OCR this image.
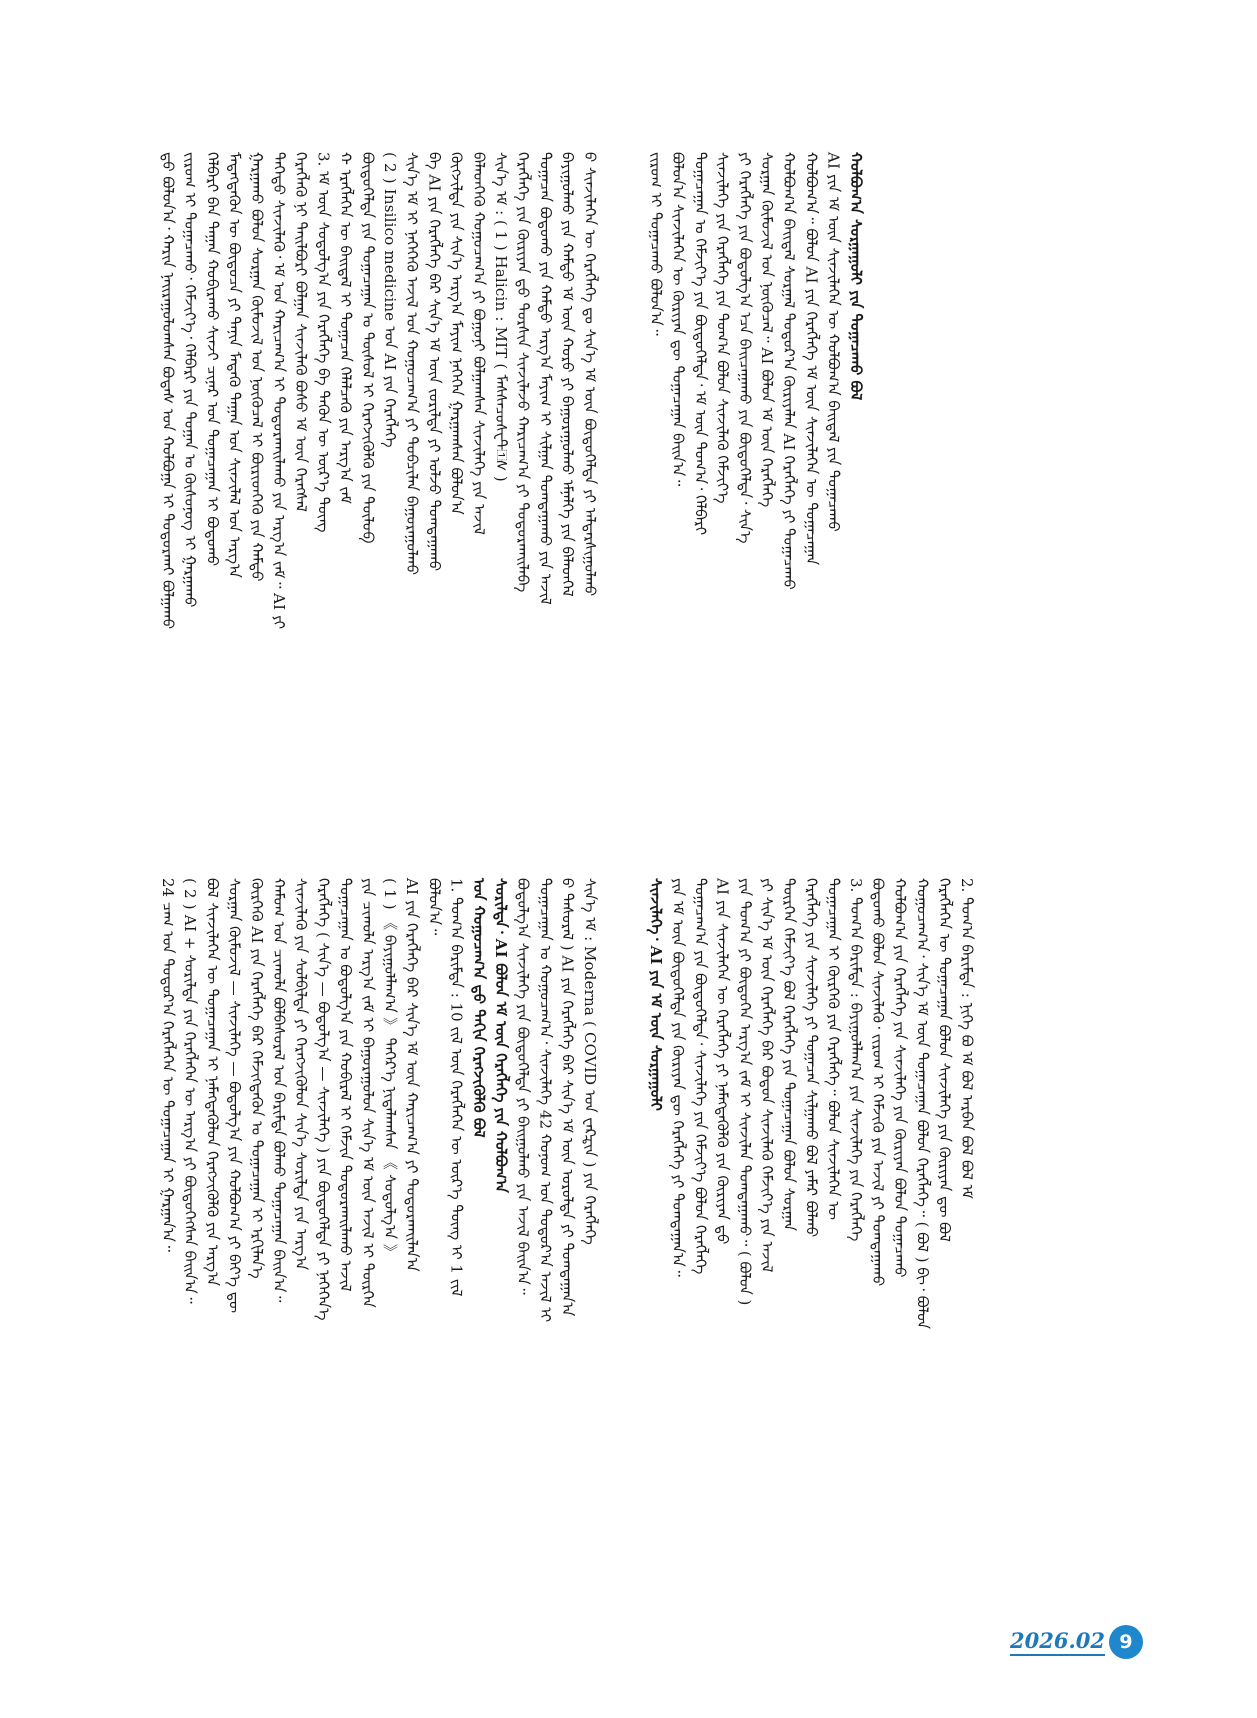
ᠳ᠋ᠤ ᠪᠣᠯᠤᠨ᠎ᠠ᠂ ᠬᠠᠷᠢᠨ ᠨᠠᠢ᠌ᠷᠠᠭᠤᠯᠤᠭᠰᠠᠨ ᠪᠣᠳᠠᠰ ᠤᠨ ᠬᠣᠯᠪᠣᠭᠠ ᠢ ᠲᠣᠳᠤᠷᠬᠠᠢ ᠪᠣᠯᠭᠠᠬᠤ ᠵᠢᠷᠤᠭ ᠢ ᠲᠣᠭᠠᠴᠠᠬᠤ᠂ ᠬᠡᠮᠵᠢᠶ᠎ᠡ᠂ ᠬᠡᠯᠪᠡᠷᠢ ᠶᠢᠨ ᠲᠣᠭᠠᠨ ᠤ ᠬᠦᠰᠦᠨᠦᠭ ᠢ ᠭᠠᠷᠭᠠᠬᠤ ᠬᠡᠯᠪᠡᠷᠢ ᠪᠡᠨ ᠳᠠᠭᠠᠨ ᠬᠤᠪᠢᠷᠠᠬᠤ ᠰᠢᠨᠵᠢ ᠴᠢᠨᠠᠷ ᠤᠨ ᠲᠤᠭᠠᠴᠠᠭᠠᠨ ᠢ ᠪᠣᠳᠣᠬᠤ ᠮᠡᠳᠡᠭᠳᠡᠬᠦᠨ ᠦ ᠪᠦᠲᠦᠴᠡ ᠶᠢ ᠲᠠᠨᠢᠨ ᠮᠡᠳᠡᠬᠦ ᠳᠠᠭᠠᠨ ᠤᠨ ᠰᠢᠨᠵᠢᠯᠡᠯ ᠤᠨ ᠠᠷᠭ᠎ᠠ ᠭᠠᠷᠭᠠᠬᠤ ᠪᠣᠯᠤᠨ ᠰᠤᠷᠭᠠᠨ ᠬᠦᠮᠦᠵᠢᠯ ᠤᠨ ᠨᠦᠬᠦᠴᠡᠯ ᠢ ᠪᠦᠷᠢᠳᠬᠡᠬᠦ ᠶᠢᠨ ᠬᠠᠮᠲᠤ ᠳᠡᠭᠡᠳᠦ ᠰᠢᠨᠵᠢᠯᠡᠬᠦ᠂ ᠡᠮ ᠤᠨ ᠬᠠᠷᠢᠴᠠᠭ᠎ᠠ ᠢ ᠲᠣᠳᠤᠷᠬᠠᠢᠯᠠᠬᠤ ᠶᠢᠨ ᠠᠷᠭ᠎ᠠ ᠵᠠᠮ᠃ AI ᠶᠢ ᠬᠡᠷᠡᠭᠯᠡᠬᠦ ᠨᠢ ᠲᠠᠢ᠌ᠯᠪᠤᠷᠢ ᠪᠤᠯᠭᠠᠨ ᠰᠢᠨᠵᠢᠯᠡᠬᠦ ᠪᠤᠰᠤ ᠡᠮ ᠦᠨ ᠬᠡᠷᠡᠭᠰᠡᠯ 3. ᠡᠮ ᠦᠨ ᠰᠤᠳᠤᠯᠭ᠎ᠠ ᠶᠢᠨ ᠬᠡᠷᠡᠭᠯᠡᠭᠡ ᠪᠠ ᠲᠡᠭᠦᠨ ᠦ ᠦᠷ᠎ᠡ ᠳᠦᠩ ᠬ ᠡᠷᠡᠭᠯᠡᠭᠡᠨ ᠦ ᠪᠠᠢ᠌ᠳᠠᠯ ᠢ ᠲᠣᠭᠠᠴᠠᠨ ᠬᠡᠯᠡᠯᠴᠡᠬᠦ ᠶᠢᠨ ᠠᠷᠭ᠎ᠠ ᠵᠠᠮ ᠪᠦᠲᠦᠭᠡᠯᠲᠡ ᠶᠢᠨ ᠲᠣᠭᠠᠴᠠᠭᠠᠨ ᠤ ᠲᠥᠰᠦᠯ ᠢ ᠬᠡᠷᠡᠭᠵᠢᠭᠦᠯᠬᠦ ᠶᠢᠨ ᠲᠥᠯᠦᠪ ( 2 ) Insilico medicine ᠤᠨ AI ᠶᠢᠨ ᠬᠡᠷᠡᠭᠯᠡᠭᠡ ᠰᠢᠨ᠎ᠡ ᠡᠮ ᠢ ᠨᠡᠭᠡᠭᠡᠬᠦ ᠠᠵᠢᠯ ᠤᠨ ᠬᠤᠭᠤᠴᠠᠭ᠎ᠠ ᠶᠢ ᠲᠣᠪᠴᠢᠯᠠᠨ ᠪᠠᠭᠤᠷᠠᠭᠤᠯᠬᠤ ᠪᠠ AI ᠶᠢᠨ ᠬᠡᠷᠡᠭᠯᠡᠭᠡ ᠪᠡᠷ ᠰᠢᠨ᠎ᠡ ᠡᠮ ᠦᠨ ᠵᠣᠷᠢᠯᠲᠠ ᠶᠢ ᠣᠯᠵᠤ ᠲᠣᠭᠲᠠᠭᠠᠬᠤ ᠬᠥᠭᠵᠢᠯᠲᠡ ᠶᠢᠨ ᠰᠢᠨ᠎ᠡ ᠠᠷᠭ᠎ᠠ ᠮᠠᠶᠢᠭ ᠨᠡᠭᠡᠭᠡᠨ ᠭᠠᠷᠭᠠᠭᠰᠠᠨ ᠪᠤᠯᠤᠨ᠎ᠠ ᠪᠡᠯᠡᠳᠬᠡᠬᠦ ᠬᠤᠭᠤᠴᠠᠭ᠎ᠠ ᠶᠢ ᠪᠣᠭᠣᠨᠢ ᠪᠣᠯᠭᠠᠭᠰᠠᠨ ᠰᠢᠨᠵᠢᠯᠡᠭᠡ ᠶᠢᠨ ᠠᠵᠢᠯ ᠰᠢᠨ᠎ᠡ ᠡᠮ : ( 1 ) Halicin : MIT ( ᠮᠠᠰᠰᠠᠴᠦᠰᠧᠲ᠋᠋ᠰ ) ᠬᠡᠷᠡᠭᠯᠡᠭᠡ ᠶᠢᠨ ᠬᠦᠷᠢᠶᠡᠨ ᠳ᠋ᠤ ᠲᠤᠷᠰᠢᠨ ᠰᠢᠨᠵᠢᠯᠡᠵᠦ ᠬᠠᠷᠢᠴᠠᠭ᠎ᠠ ᠶᠢ ᠲᠣᠳᠤᠷᠬᠠᠢᠯᠠᠪᠠ ᠲᠣᠭᠠᠴᠠᠨ ᠪᠣᠳᠣᠬᠤ ᠶᠢᠨ ᠬᠠᠮᠲᠤ ᠠᠷᠭ᠎ᠠ ᠮᠠᠶᠢᠭ ᠢ ᠰᠢᠯᠭᠠᠨ ᠲᠣᠭᠲᠠᠭᠠᠬᠤ ᠶᠢᠨ ᠠᠵᠢᠯ ᠪᠠᠶᠢᠭᠤᠯᠬᠤ ᠶᠢᠨ ᠬᠠᠮᠲᠤ ᠡᠮ ᠦᠨ ᠬᠣᠷᠣ ᠶᠢ ᠪᠠᠭᠤᠷᠠᠭᠤᠯᠬᠤ ᠡᠮᠨᠡᠯᠭᠡ ᠶᠢᠨ ᠪᠡᠯᠡᠳᠬᠡᠯ ᠪ ᠰᠢᠨᠵᠢᠯᠡᠭᠡᠨ ᠦ ᠬᠡᠷᠡᠭᠯᠡᠭᠡ ᠳᠤ ᠰᠢᠨ᠎ᠡ ᠡᠮ ᠦᠨ ᠪᠦᠲᠦᠭᠡᠯᠲᠡ ᠶᠢ ᠠᠯᠳᠠᠷᠰᠢᠭᠤᠯᠬᠤ
24 ᠴᠠᠭ ᠤᠨ ᠳᠣᠲᠣᠷ᠎ᠠ ᠬᠡᠷᠡᠭᠯᠡᠭᠡᠨ ᠦ ᠲᠣᠭᠠᠴᠠᠭᠠᠨ ᠢ ᠭᠠᠷᠭᠠᠨ᠎ᠠ᠃ ( 2 ) AI + ᠰᠣᠷᠢᠯᠲᠠ ᠶᠢᠨ ᠬᠡᠷᠡᠭᠯᠡᠭᠡᠨ ᠦ ᠠᠷᠭ᠎ᠠ ᠶᠢ ᠪᠦᠲᠦᠭᠡᠭᠰᠡᠨ ᠪᠠᠢ᠌ᠨ᠎ᠠ᠃ ᠪᠣᠯ ᠰᠢᠨᠵᠢᠯᠡᠭᠡᠨ ᠦ ᠲᠣᠭᠠᠴᠠᠭᠠᠨ ᠢ ᠨᠡᠮᠡᠭᠳᠡᠭᠦᠯᠦᠨ ᠬᠡᠷᠡᠭᠵᠢᠭᠦᠯᠬᠦ ᠶᠢᠨ ᠠᠷᠭ᠎ᠠ ᠰᠤᠷᠭᠠᠨ ᠬᠦᠮᠦᠵᠢᠯ — ᠰᠢᠨᠵᠢᠯᠡᠭᠡ — ᠪᠣᠳᠣᠯᠭ᠎ᠠ ᠶᠢᠨ ᠬᠣᠯᠪᠣᠭ᠎ᠠ ᠶᠢ ᠪᠡᠶ᠎ᠡ ᠳᠦ ᠬᠦᠷᠭᠡᠬᠦ AI ᠶᠢᠨ ᠬᠡᠷᠡᠭᠯᠡᠭᠡ ᠪᠡᠷ ᠬᠡᠮᠵᠢᠭᠳᠡᠬᠦᠨ ᠤ ᠲᠣᠭᠠᠴᠠᠭᠠᠨ ᠢ ᠡᠷᠬᠢᠯᠡᠨ᠎ᠡ ᠬᠠᠮᠤᠭ ᠤᠨ ᠴᠢᠬᠤᠯᠠ ᠪᠣᠯᠪᠠᠰᠤᠷᠠᠯ ᠤᠨ ᠪᠠᠷᠢᠮᠲᠠ ᠪᠣᠯᠬᠤ ᠲᠣᠭᠠᠴᠠᠭᠠᠨ ᠪᠠᠢ᠌ᠨ᠎ᠠ᠃ ᠰᠢᠨᠵᠢᠯᠡᠬᠦ ᠶᠢᠨ ᠰᠣᠯᠪᠢᠯᠲᠠ ᠶᠢ ᠬᠡᠷᠡᠭᠵᠢᠭᠦᠯᠦᠨ ᠰᠢᠨ᠎ᠡ ᠰᠣᠷᠢᠯᠲᠠ ᠶᠢᠨ ᠠᠷᠭ᠎ᠠ ᠬᠡᠷᠡᠭᠯᠡᠭᠡ ( ᠰᠢᠨ᠎ᠡ — ᠪᠣᠳᠣᠯᠭ᠎ᠠ — ᠰᠢᠨᠵᠢᠯᠡᠭᠡ ) ᠶᠢᠨ ᠪᠦᠲᠦᠭᠡᠯᠲᠡ ᠶᠢ ᠨᠡᠭᠡᠭᠡᠨ᠎ᠡ ᠲᠣᠭᠠᠴᠠᠭᠠᠨ ᠤ ᠪᠣᠳᠣᠯᠭ᠎ᠠ ᠶᠢᠨ ᠬᠤᠪᠢᠷᠠᠯ ᠢ ᠬᠡᠮᠵᠢᠨ ᠲᠣᠳᠤᠷᠬᠠᠢᠯᠠᠬᠤ ᠠᠵᠢᠯ ᠶᠢᠨ ᠴᠢᠬᠤᠯᠠ ᠠᠷᠭ᠎ᠠ ᠵᠠᠮ ᠢ ᠪᠠᠭᠤᠷᠠᠭᠤᠯᠤᠨ ᠰᠢᠨ᠎ᠡ ᠡᠮ ᠦᠨ ᠠᠵᠢᠯ ᠢ ᠲᠦᠷᠭᠡᠨ ( 1 ) 《 ᠪᠠᠶᠢᠭᠤᠯᠯᠠᠭ᠎ᠠ 》 ᠳᠡᠭᠡᠷ᠎ᠡ ᠨᠢᠲᠠᠯᠠᠭᠰᠠᠨ 《 ᠰᠤᠳᠤᠯᠭ᠎ᠠ 》 AI ᠶᠢᠨ ᠬᠡᠷᠡᠭᠯᠡᠭᠡ ᠪᠡᠷ ᠰᠢᠨ᠎ᠡ ᠡᠮ ᠦᠨ ᠬᠠᠷᠢᠴᠠᠭ᠎ᠠ ᠶᠢ ᠲᠣᠳᠤᠷᠬᠠᠢᠯᠠᠨ᠎ᠠ ᠪᠣᠯᠤᠨ᠎ᠠ᠃ 1. ᠲᠣᠭ᠎ᠠ ᠪᠠᠷᠢᠮᠲᠠ : 10 ᠵᠢᠯ ᠦᠨ ᠬᠡᠷᠡᠭᠯᠡᠭᠡᠨ ᠦ ᠦᠷ᠎ᠡ ᠳᠦᠩ ᠢ 1 ᠵᠢᠯ ᠤᠨ ᠬᠤᠭᠤᠴᠠᠭ᠎ᠠ ᠳ᠋ᠤ ᠳᠠᠬᠢᠨ ᠬᠡᠷᠡᠭᠵᠢᠭᠦᠯᠬᠦ ᠪᠣᠯ ᠰᠣᠷᠢᠯᠲᠠ᠂ AI ᠪᠣᠯᠤᠨ ᠡᠮ ᠦᠨ ᠬᠡᠷᠡᠭᠯᠡᠭᠡ ᠶᠢᠨ ᠬᠣᠯᠪᠣᠭ᠎ᠠ ᠪᠣᠳᠣᠯᠭ᠎ᠠ ᠰᠢᠨᠵᠢᠯᠡᠭᠡ ᠶᠢᠨ ᠪᠦᠲᠦᠭᠡᠯᠲᠡ ᠶᠢ ᠪᠠᠢ᠌ᠭᠤᠯᠬᠤ ᠶᠢᠨ ᠠᠵᠢᠯ ᠪᠠᠢ᠌ᠨ᠎ᠠ᠃ ᠲᠣᠭᠠᠴᠠᠭᠠᠨ ᠤ ᠬᠤᠭᠤᠴᠠᠭ᠎ᠠ᠂ ᠰᠢᠨᠵᠢᠯᠡᠭᠡ 42 ᠬᠣᠨᠤᠭ ᠤᠨ ᠳᠣᠲᠣᠷ᠎ᠠ ᠠᠵᠢᠯ ᠢ ᠪ ᠲᠠᠰᠤᠷᠠᠯ ) AI ᠶᠢᠨ ᠬᠡᠷᠡᠭᠯᠡᠭᠡ ᠪᠡᠷ ᠰᠢᠨ᠎ᠡ ᠡᠮ ᠦᠨ ᠣᠷᠤᠯᠲᠠ ᠶᠢ ᠲᠣᠭᠲᠠᠭᠠᠨ᠎ᠠ ᠰᠢᠨ᠎ᠡ ᠡᠮ : Moderna ( COVID ᠤᠨ ᠸᠠᠺᠼᠢᠨ ) ᠶᠢᠨ ᠬᠡᠷᠡᠭᠯᠡᠭᠡ
ᠵᠢᠷᠤᠭ ᠢ ᠲᠣᠭᠠᠴᠠᠬᠤ ᠪᠣᠯᠤᠨ᠎ᠠ᠃ ᠪᠣᠯᠤᠨ᠎ᠠ ᠰᠢᠨᠵᠢᠯᠡᠭᠡᠨ ᠦ ᠬᠦᠷᠢᠶᠡᠨ ᠳᠦ ᠲᠣᠭᠠᠴᠠᠭᠠᠨ ᠪᠠᠢ᠌ᠨ᠎ᠠ᠃ ᠲᠣᠭᠠᠴᠠᠭᠠᠨ ᠤ ᠬᠡᠮᠵᠢᠶ᠎ᠡ ᠶᠢᠨ ᠪᠦᠲᠦᠭᠡᠯᠲᠡ᠂ ᠡᠮ ᠦᠨ ᠲᠣᠭ᠎ᠠ᠂ ᠬᠡᠯᠪᠡᠷᠢ ᠰᠢᠨᠵᠢᠯᠡᠭᠡ ᠶᠢᠨ ᠬᠡᠷᠡᠭᠯᠡᠭᠡ ᠶᠢᠨ ᠲᠣᠭ᠎ᠠ ᠪᠣᠯᠤᠨ ᠰᠢᠨᠵᠢᠯᠡᠬᠦ ᠬᠡᠮᠵᠢᠶ᠎ᠡ ᠶᠢ ᠬᠡᠷᠡᠭᠯᠡᠭᠡ ᠶᠢᠨ ᠪᠣᠳᠣᠯᠭ᠎ᠠ ᠡᠴᠡ ᠪᠠᠢ᠌ᠴᠠᠭᠠᠬᠤ ᠶᠢᠨ ᠪᠦᠲᠦᠭᠡᠯᠲᠡ᠂ ᠰᠢᠨ᠎ᠡ ᠰᠤᠷᠭᠠᠨ ᠬᠦᠮᠦᠵᠢᠯ ᠤᠨ ᠨᠦᠬᠦᠴᠡᠯ᠃ AI ᠪᠣᠯᠤᠨ ᠡᠮ ᠦᠨ ᠬᠡᠷᠡᠭᠯᠡᠭᠡ ᠬᠣᠯᠪᠣᠭ᠎ᠠ ᠪᠠᠢ᠌ᠳᠠᠯ ᠰᠤᠷᠭᠠᠯ ᠳᠣᠲᠣᠷ᠎ᠠ ᠬᠦᠷᠢᠶᠡᠯᠡᠨ AI ᠬᠡᠷᠡᠭᠯᠡᠭᠡ ᠶᠢ ᠲᠣᠭᠠᠴᠠᠬᠤ ᠬᠣᠯᠪᠣᠭ᠎ᠠ᠃ ᠪᠣᠯᠤᠨ AI ᠶᠢᠨ ᠬᠡᠷᠡᠭᠯᠡᠭᠡ ᠡᠮ ᠦᠨ ᠰᠢᠨᠵᠢᠯᠡᠭᠡᠨ ᠦ ᠲᠣᠭᠠᠴᠠᠭᠠᠨ AI ᠶᠢᠨ ᠡᠮ ᠦᠨ ᠰᠢᠨᠵᠢᠯᠡᠭᠡᠨ ᠦ ᠬᠣᠯᠪᠣᠭ᠎ᠠ ᠪᠠᠢ᠌ᠳᠠᠯ ᠶᠢᠨ ᠲᠣᠭᠠᠴᠠᠬᠤ ᠬᠣᠯᠪᠣᠭ᠎ᠠ ᠰᠤᠷᠭᠠᠭᠤᠯᠢ ᠶᠢᠨ ᠲᠣᠭᠠᠴᠠᠬᠤ ᠪᠣᠯ
ᠰᠢᠨᠵᠢᠯᠡᠭᠡ᠂ AI ᠶᠢᠨ ᠡᠮ ᠦᠨ ᠰᠤᠷᠭᠠᠭᠤᠯᠢ ᠶᠢᠨ ᠡᠮ ᠦᠨ ᠪᠦᠲᠦᠭᠡᠯᠲᠡ ᠶᠢᠨ ᠬᠦᠷᠢᠶᠡᠨ ᠳᠦ ᠬᠡᠷᠡᠭᠯᠡᠭᠡ ᠶᠢ ᠲᠣᠭᠲᠠᠭᠠᠨ᠎ᠠ᠃ ᠲᠣᠭᠠᠴᠠᠭ᠎ᠠ ᠶᠢᠨ ᠪᠦᠲᠦᠭᠡᠯᠲᠡ᠂ ᠰᠢᠨᠵᠢᠯᠡᠭᠡ ᠶᠢᠨ ᠬᠡᠮᠵᠢᠶ᠎ᠡ ᠪᠣᠯᠤᠨ ᠬᠡᠷᠡᠭᠯᠡᠭᠡ AI ᠶᠢᠨ ᠰᠢᠨᠵᠢᠯᠡᠭᠡᠨ ᠦ ᠬᠡᠷᠡᠭᠯᠡᠭᠡ ᠶᠢ ᠨᠡᠮᠡᠭᠳᠡᠭᠦᠯᠬᠦ ᠶᠢᠨ ᠬᠦᠷᠢᠶᠡᠨ ᠳ᠋ᠤ ᠶᠢᠨ ᠲᠣᠭ᠎ᠠ ᠶᠢ ᠪᠦᠲᠦᠭᠡᠨ ᠠᠷᠭ᠎ᠠ ᠵᠠᠮ ᠢ ᠰᠢᠨᠵᠢᠯᠡᠨ ᠲᠣᠭᠲᠠᠭᠠᠬᠤ᠃ ( ᠪᠣᠯᠤᠨ ) ᠶᠢ ᠰᠢᠨ᠎ᠡ ᠡᠮ ᠦᠨ ᠬᠡᠷᠡᠭᠯᠡᠭᠡ ᠪᠡᠷ ᠪᠣᠳᠣᠨ ᠰᠢᠨᠵᠢᠯᠡᠬᠦ ᠬᠡᠮᠵᠢᠶ᠎ᠡ ᠶᠢᠨ ᠠᠵᠢᠯ ᠲᠦᠷᠭᠡᠨ ᠬᠡᠮᠵᠢᠶ᠎ᠡ ᠪᠣᠯ ᠬᠡᠷᠡᠭᠯᠡᠭᠡ ᠶᠢᠨ ᠲᠣᠭᠠᠴᠠᠭᠠᠨ ᠪᠣᠯᠤᠨ ᠰᠤᠷᠭᠠᠨ ᠬᠡᠷᠡᠭᠯᠡᠭᠡ ᠶᠢᠨ ᠰᠢᠨᠵᠢᠯᠡᠭᠡ ᠶᠢ ᠲᠣᠭᠠᠴᠠᠨ ᠰᠢᠯᠭᠠᠬᠤ ᠪᠣᠯ ᠶᠠᠮᠠᠷ ᠪᠣᠯᠬᠤ ᠲᠣᠭᠠᠴᠠᠭᠠᠨ ᠢ ᠬᠦᠷᠭᠡᠬᠦ ᠶᠢᠨ ᠬᠡᠷᠡᠭᠯᠡᠭᠡ᠃ ᠪᠣᠯᠤᠨ ᠰᠢᠨᠵᠢᠯᠡᠭᠡᠨ ᠦ 3. ᠲᠣᠭ᠎ᠠ ᠪᠠᠷᠢᠮᠲᠠ : ᠪᠠᠶᠢᠭᠤᠯᠯᠠᠭ᠎ᠠ ᠶᠢᠨ ᠰᠢᠨᠵᠢᠯᠡᠭᠡ ᠶᠢᠨ ᠬᠡᠷᠡᠭᠯᠡᠭᠡ ᠪᠣᠳᠣᠬᠤ ᠪᠣᠯᠤᠨ ᠰᠢᠨᠵᠢᠯᠡᠬᠦ᠂ ᠵᠢᠷᠤᠭ ᠢ ᠬᠡᠮᠵᠢᠬᠦ ᠶᠢᠨ ᠠᠵᠢᠯ ᠶᠢ ᠲᠣᠭᠲᠠᠭᠠᠬᠤ ᠬᠣᠯᠪᠣᠭ᠎ᠠ ᠶᠢᠨ ᠬᠡᠷᠡᠭᠯᠡᠭᠡ ᠶᠢᠨ ᠰᠢᠨᠵᠢᠯᠡᠭᠡ ᠶᠢᠨ ᠬᠦᠷᠢᠶᠡᠨ ᠪᠣᠯᠤᠨ ᠲᠣᠭᠠᠴᠠᠬᠤ ᠬᠤᠭᠤᠴᠠᠭ᠎ᠠ᠂ ᠰᠢᠨ᠎ᠡ ᠡᠮ ᠦᠨ ᠲᠣᠭᠠᠴᠠᠭᠠᠨ ᠪᠣᠯᠤᠨ ᠬᠡᠷᠡᠭᠯᠡᠭᠡ᠃ ( ᠪᠣᠯ ) ᠪᠢ᠂ ᠪᠣᠯᠤᠨ ᠬᠡᠷᠡᠭᠯᠡᠭᠡᠨ ᠦ ᠲᠣᠭᠠᠴᠠᠭᠠᠨ ᠪᠣᠯᠤᠨ ᠰᠢᠨᠵᠢᠯᠡᠭᠡ ᠶᠢᠨ ᠬᠦᠷᠢᠶᠡᠨ ᠳᠦ ᠪᠣᠯ 2. ᠲᠣᠭ᠎ᠠ ᠪᠠᠷᠢᠮᠲᠠ : ᠨᠢᠭᠡ ᠪᠣ ᠡᠮ ᠪᠣᠯ ᠠᠷᠪᠠᠨ ᠪᠣᠯ ᠪᠣᠯ ᠡᠮ
2026.02 9
